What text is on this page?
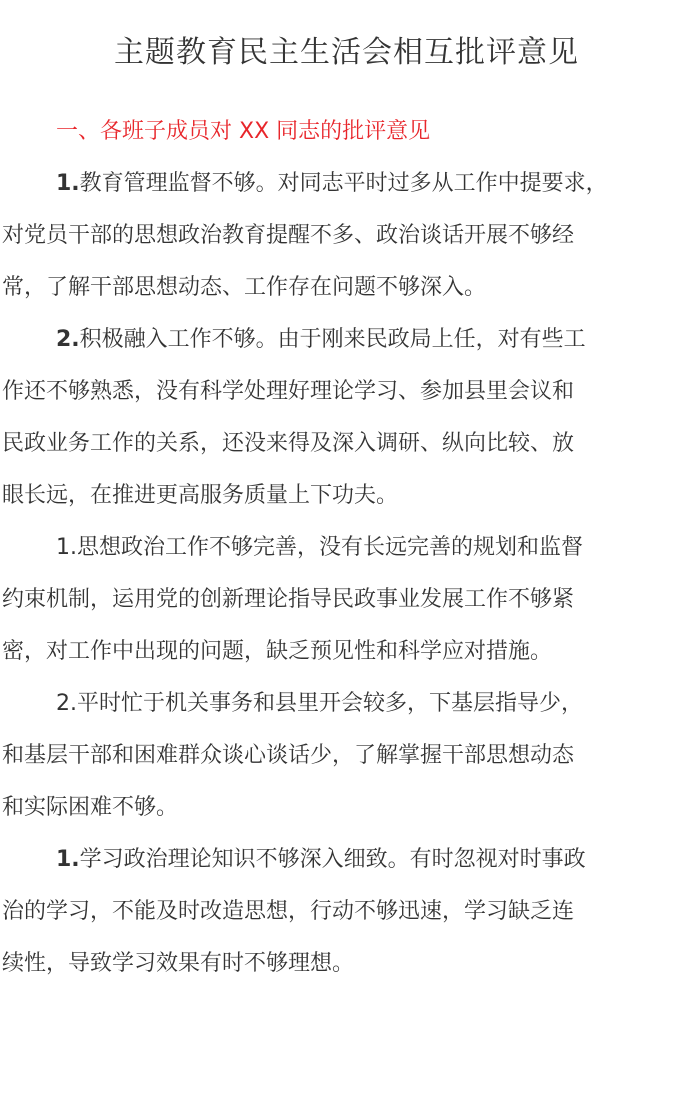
主题教育民主生活会相互批评意见
一、各班子成员对 XX 同志的批评意见

1.教育管理监督不够。对同志平时过多从工作中提要求，
对党员干部的思想政治教育提醒不多、政治谈话开展不够经
常，了解干部思想动态、工作存在问题不够深入。

2.积极融入工作不够。由于刚来民政局上任，对有些工
作还不够熟悉，没有科学处理好理论学习、参加县里会议和
民政业务工作的关系，还没来得及深入调研、纵向比较、放
眼长远，在推进更高服务质量上下功夫。

1.思想政治工作不够完善，没有长远完善的规划和监督
约束机制，运用党的创新理论指导民政事业发展工作不够紧
密，对工作中出现的问题，缺乏预见性和科学应对措施。

2.平时忙于机关事务和县里开会较多，下基层指导少，
和基层干部和困难群众谈心谈话少，了解掌握干部思想动态
和实际困难不够。

1.学习政治理论知识不够深入细致。有时忽视对时事政
治的学习，不能及时改造思想，行动不够迅速，学习缺乏连
续性，导致学习效果有时不够理想。
